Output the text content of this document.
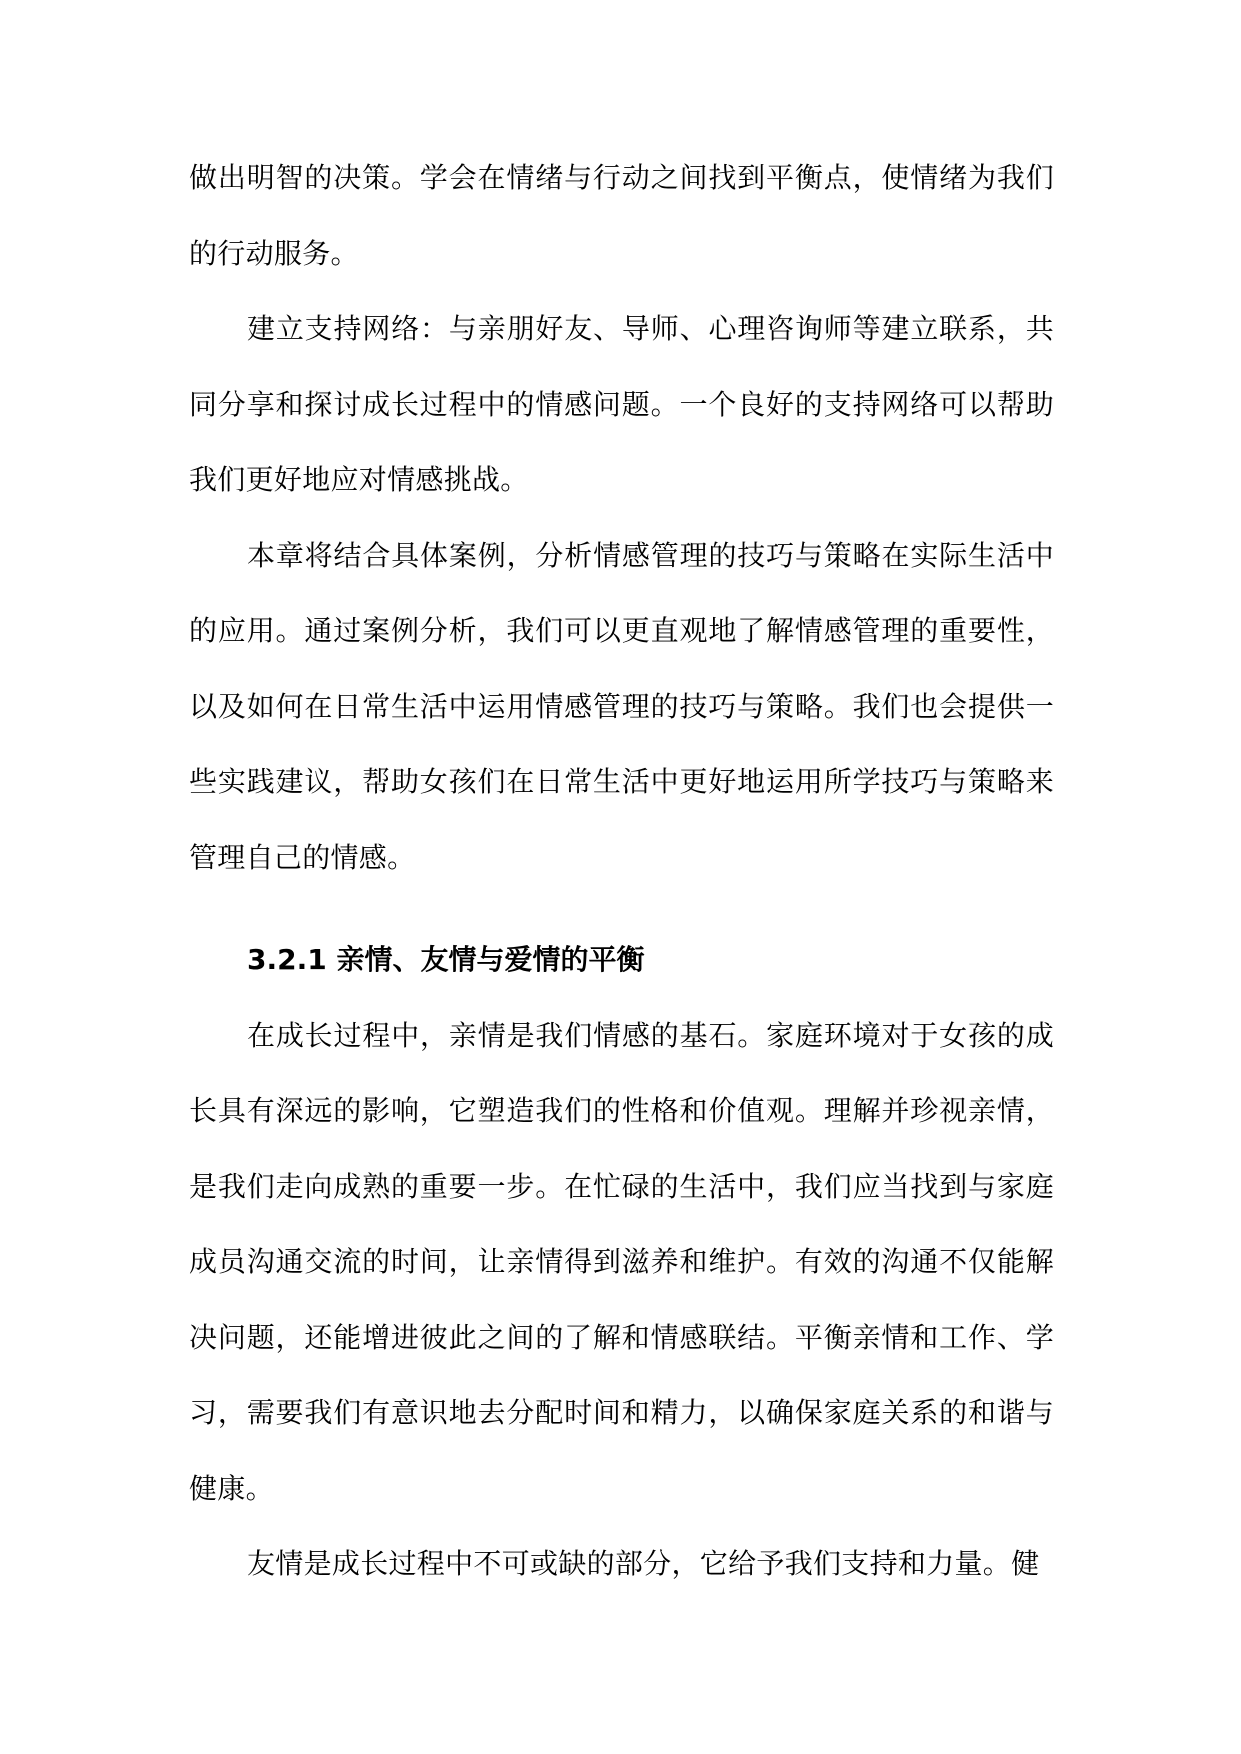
做出明智的决策。学会在情绪与行动之间找到平衡点，使情绪为我们的行动服务。

建立支持网络：与亲朋好友、导师、心理咨询师等建立联系，共同分享和探讨成长过程中的情感问题。一个良好的支持网络可以帮助我们更好地应对情感挑战。

本章将结合具体案例，分析情感管理的技巧与策略在实际生活中的应用。通过案例分析，我们可以更直观地了解情感管理的重要性，以及如何在日常生活中运用情感管理的技巧与策略。我们也会提供一些实践建议，帮助女孩们在日常生活中更好地运用所学技巧与策略来管理自己的情感。

3.2.1 亲情、友情与爱情的平衡

在成长过程中，亲情是我们情感的基石。家庭环境对于女孩的成长具有深远的影响，它塑造我们的性格和价值观。理解并珍视亲情，是我们走向成熟的重要一步。在忙碌的生活中，我们应当找到与家庭成员沟通交流的时间，让亲情得到滋养和维护。有效的沟通不仅能解决问题，还能增进彼此之间的了解和情感联结。平衡亲情和工作、学习，需要我们有意识地去分配时间和精力，以确保家庭关系的和谐与健康。

友情是成长过程中不可或缺的部分，它给予我们支持和力量。健
